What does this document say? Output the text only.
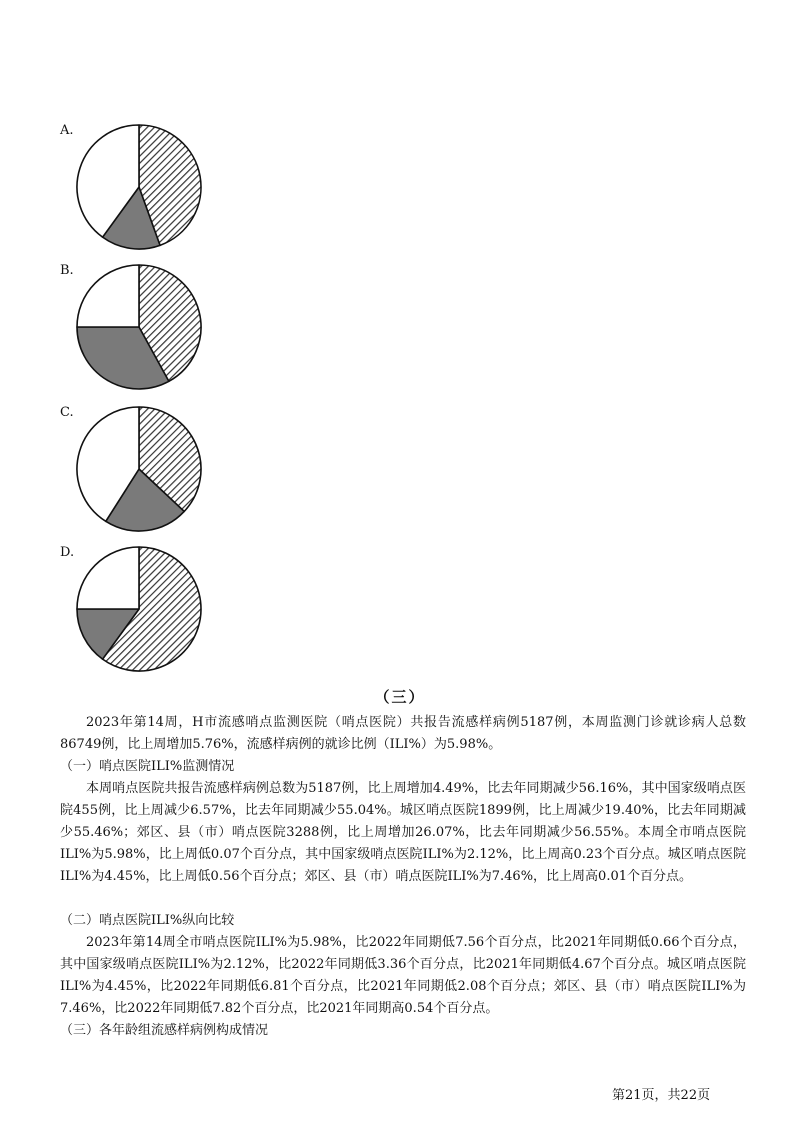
A.
B.
C.
D.
（三）
2023年第14周，H市流感哨点监测医院（哨点医院）共报告流感样病例5187例，本周监测门诊就诊病人总数86749例，比上周增加5.76%，流感样病例的就诊比例（ILI%）为5.98%。
（一）哨点医院ILI%监测情况
本周哨点医院共报告流感样病例总数为5187例，比上周增加4.49%，比去年同期减少56.16%，其中国家级哨点医院455例，比上周减少6.57%，比去年同期减少55.04%。城区哨点医院1899例，比上周减少19.40%，比去年同期减少55.46%；郊区、县（市）哨点医院3288例，比上周增加26.07%，比去年同期减少56.55%。本周全市哨点医院ILI%为5.98%，比上周低0.07个百分点，其中国家级哨点医院ILI%为2.12%，比上周高0.23个百分点。城区哨点医院ILI%为4.45%，比上周低0.56个百分点；郊区、县（市）哨点医院ILI%为7.46%，比上周高0.01个百分点。
（二）哨点医院ILI%纵向比较
2023年第14周全市哨点医院ILI%为5.98%，比2022年同期低7.56个百分点，比2021年同期低0.66个百分点，其中国家级哨点医院ILI%为2.12%，比2022年同期低3.36个百分点，比2021年同期低4.67个百分点。城区哨点医院ILI%为4.45%，比2022年同期低6.81个百分点，比2021年同期低2.08个百分点；郊区、县（市）哨点医院ILI%为7.46%，比2022年同期低7.82个百分点，比2021年同期高0.54个百分点。
（三）各年龄组流感样病例构成情况
第21页，共22页
